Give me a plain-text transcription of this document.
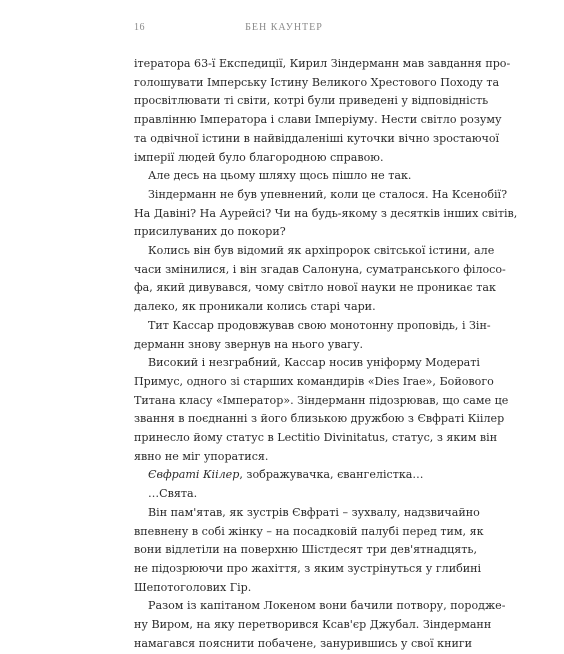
16	БЕН КАУНТЕР
ітератора 63-ї Експедиції, Кирил Зіндерманн мав завдання про-
голошувати Імперську Істину Великого Хрестового Походу та
просвітлювати ті світи, котрі були приведені у відповідність
правлінню Імператора і слави Імперіуму. Нести світло розуму
та одвічної істини в найвіддаленіші куточки вічно зростаючої
імперії людей було благородною справою.
Але десь на цьому шляху щось пішло не так.
Зіндерманн не був упевнений, коли це сталося. На Ксенобії?
На Давіні? На Аурейсі? Чи на будь-якому з десятків інших світів,
присилуваних до покори?
Колись він був відомий як архіпророк світської істини, але
часи змінилися, і він згадав Салонуна, суматранського філосо-
фа, який дивувався, чому світло нової науки не проникає так
далеко, як проникали колись старі чари.
Тит Кассар продовжував свою монотонну проповідь, і Зін-
дерманн знову звернув на нього увагу.
Високий і незграбний, Кассар носив уніформу Модераті
Примус, одного зі старших командирів «Dies Irae», Бойового
Титана класу «Імператор». Зіндерманн підозрював, що саме це
звання в поєднанні з його близькою дружбою з Євфраті Кіілер
принесло йому статус в Lectitio Divinitatus, статус, з яким він
явно не міг упоратися.
Євфраті Кіілер, зображувачка, євангелістка…
…Свята.
Він пам'ятав, як зустрів Євфраті – зухвалу, надзвичайно
впевнену в собі жінку – на посадковій палубі перед тим, як
вони відлетіли на поверхню Шістдесят три дев'ятнадцять,
не підозрюючи про жахіття, з яким зустрінуться у глибині
Шепотоголових Гір.
Разом із капітаном Локеном вони бачили потвору, породже-
ну Виром, на яку перетворився Ксав'єр Джубал. Зіндерманн
намагався пояснити побачене, занурившись у свої книги
